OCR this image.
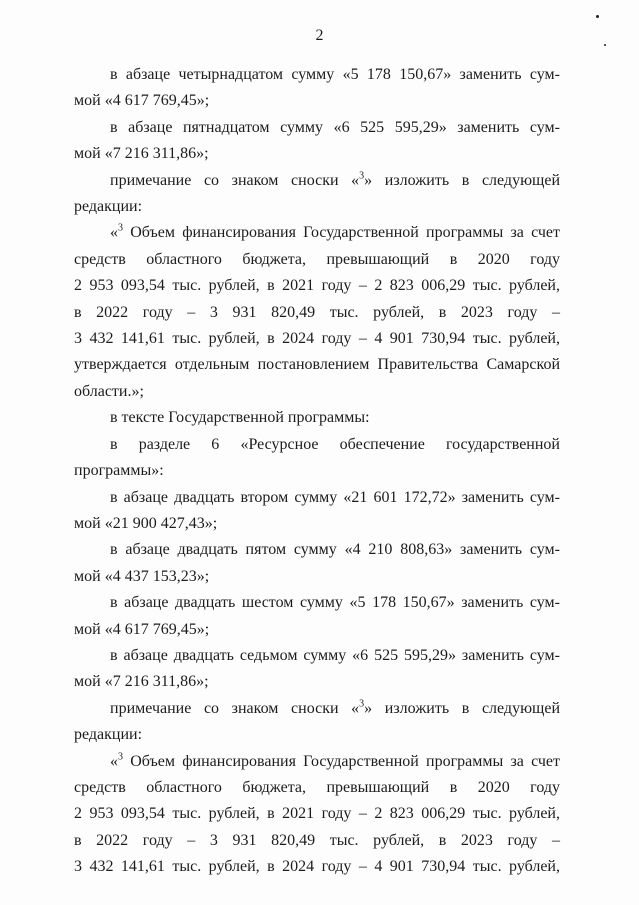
2

в абзаце четырнадцатом сумму «5 178 150,67» заменить сум-
мой «4 617 769,45»;

в абзаце пятнадцатом сумму «6 525 595,29» заменить сум-
мой «7 216 311,86»;

примечание со знаком сноски «$^3$» изложить в следующей редакции:

«$^3$ Объем финансирования Государственной программы за счет
средств областного бюджета, превышающий в 2020 году
2 953 093,54 тыс. рублей, в 2021 году – 2 823 006,29 тыс. рублей,
в 2022 году – 3 931 820,49 тыс. рублей, в 2023 году –
3 432 141,61 тыс. рублей, в 2024 году – 4 901 730,94 тыс. рублей,
утверждается отдельным постановлением Правительства Самарской
области.»;

в тексте Государственной программы:

в разделе 6 «Ресурсное обеспечение государственной программы»:

в абзаце двадцать втором сумму «21 601 172,72» заменить сум-
мой «21 900 427,43»;

в абзаце двадцать пятом сумму «4 210 808,63» заменить сум-
мой «4 437 153,23»;

в абзаце двадцать шестом сумму «5 178 150,67» заменить сум-
мой «4 617 769,45»;

в абзаце двадцать седьмом сумму «6 525 595,29» заменить сум-
мой «7 216 311,86»;

примечание со знаком сноски «$^3$» изложить в следующей редакции:

«$^3$ Объем финансирования Государственной программы за счет
средств областного бюджета, превышающий в 2020 году
2 953 093,54 тыс. рублей, в 2021 году – 2 823 006,29 тыс. рублей,
в 2022 году – 3 931 820,49 тыс. рублей, в 2023 году –
3 432 141,61 тыс. рублей, в 2024 году – 4 901 730,94 тыс. рублей,
